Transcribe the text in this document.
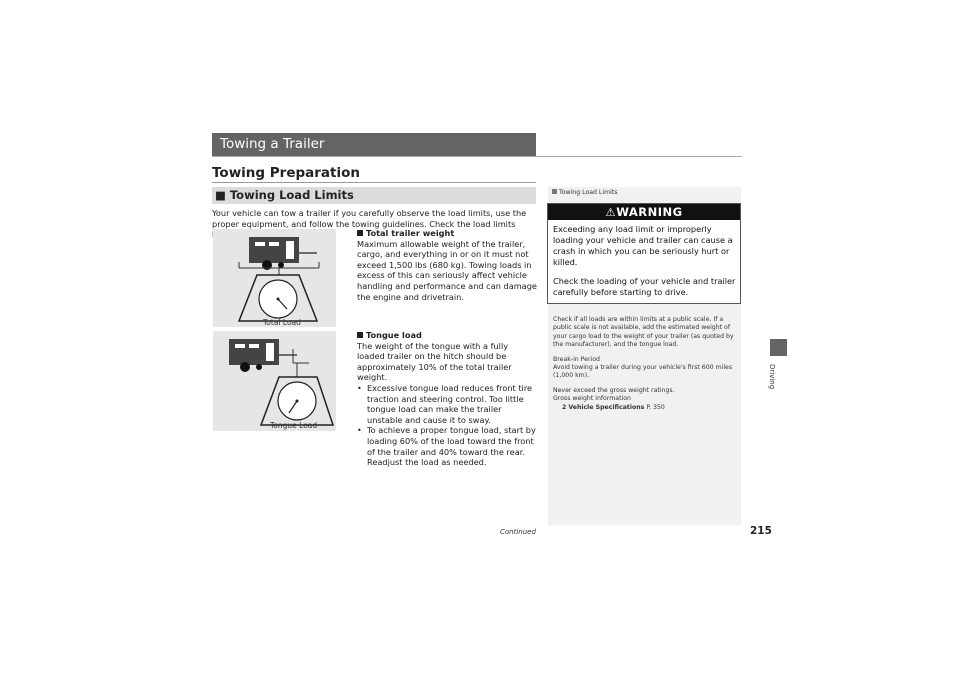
Towing a Trailer
Towing Preparation
■ Towing Load Limits
Your vehicle can tow a trailer if you carefully observe the load limits, use the proper equipment, and follow the towing guidelines. Check the load limits
Total Load
Tongue Load
Total trailer weight
Maximum allowable weight of the trailer, cargo, and everything in or on it must not exceed 1,500 lbs (680 kg). Towing loads in excess of this can seriously affect vehicle handling and performance and can damage the engine and drivetrain.
Tongue load
The weight of the tongue with a fully loaded trailer on the hitch should be approximately 10% of the total trailer weight.
• Excessive tongue load reduces front tire traction and steering control. Too little tongue load can make the trailer unstable and cause it to sway.
• To achieve a proper tongue load, start by loading 60% of the load toward the front of the trailer and 40% toward the rear. Readjust the load as needed.
Towing Load Limits
⚠WARNING

Exceeding any load limit or improperly loading your vehicle and trailer can cause a crash in which you can be seriously hurt or killed.

Check the loading of your vehicle and trailer carefully before starting to drive.

Check if all loads are within limits at a public scale. If a public scale is not available, add the estimated weight of your cargo load to the weight of your trailer (as quoted by the manufacturer), and the tongue load.

Break-in Period
Avoid towing a trailer during your vehicle's first 600 miles (1,000 km).

Never exceed the gross weight ratings.
Gross weight information
2 Vehicle Specifications P. 350

Driving
Continued	215
